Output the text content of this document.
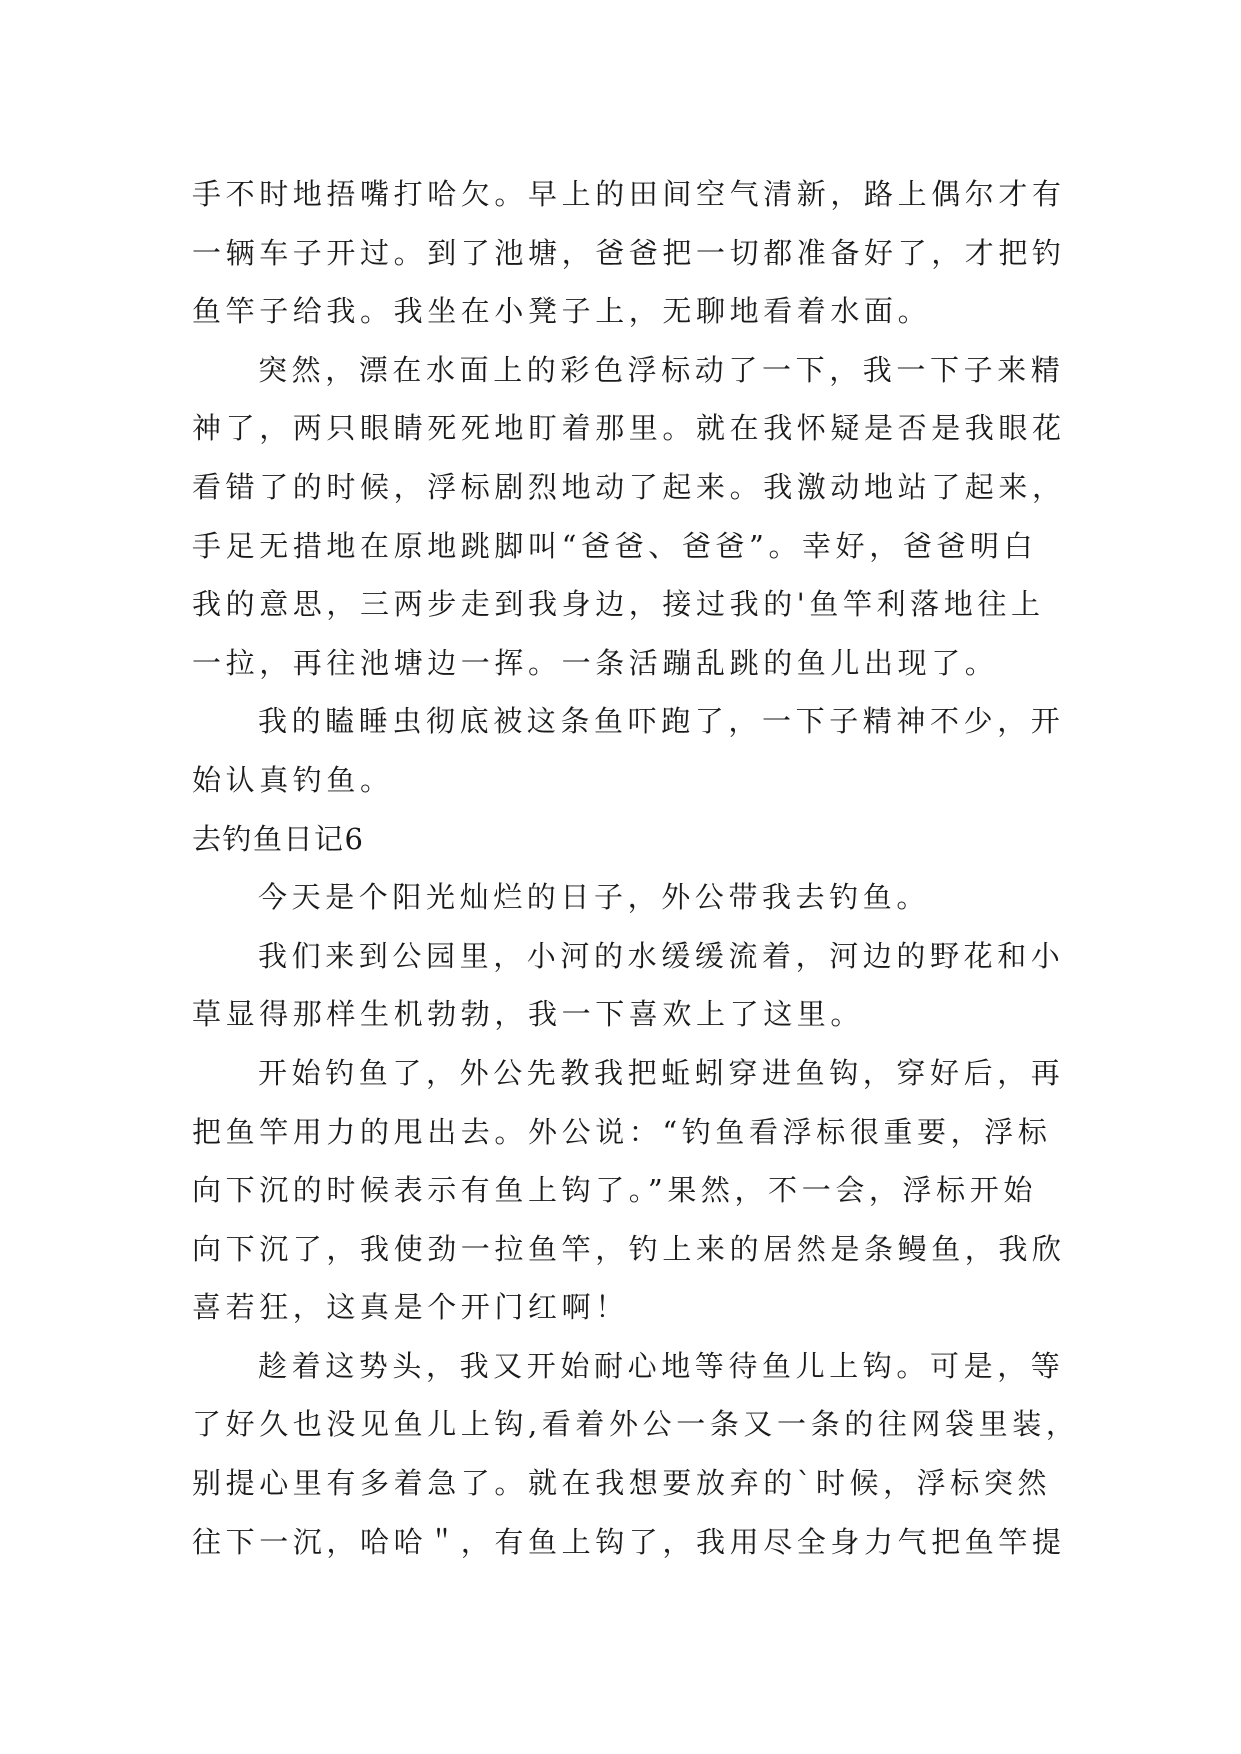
手不时地捂嘴打哈欠。早上的田间空气清新，路上偶尔才有
一辆车子开过。到了池塘，爸爸把一切都准备好了，才把钓
鱼竿子给我。我坐在小凳子上，无聊地看着水面。
突然，漂在水面上的彩色浮标动了一下，我一下子来精
神了，两只眼睛死死地盯着那里。就在我怀疑是否是我眼花
看错了的时候，浮标剧烈地动了起来。我激动地站了起来，
手足无措地在原地跳脚叫“爸爸、爸爸”。幸好，爸爸明白
我的意思，三两步走到我身边，接过我的'鱼竿利落地往上
一拉，再往池塘边一挥。一条活蹦乱跳的鱼儿出现了。
我的瞌睡虫彻底被这条鱼吓跑了，一下子精神不少，开
始认真钓鱼。
去钓鱼日记6
今天是个阳光灿烂的日子，外公带我去钓鱼。
我们来到公园里，小河的水缓缓流着，河边的野花和小
草显得那样生机勃勃，我一下喜欢上了这里。
开始钓鱼了，外公先教我把蚯蚓穿进鱼钩，穿好后，再
把鱼竿用力的甩出去。外公说：“钓鱼看浮标很重要，浮标
向下沉的时候表示有鱼上钩了。”果然，不一会，浮标开始
向下沉了，我使劲一拉鱼竿，钓上来的居然是条鳗鱼，我欣
喜若狂，这真是个开门红啊！
趁着这势头，我又开始耐心地等待鱼儿上钩。可是，等
了好久也没见鱼儿上钩,看着外公一条又一条的往网袋里装，
别提心里有多着急了。就在我想要放弃的`时候，浮标突然
往下一沉，哈哈＂，有鱼上钩了，我用尽全身力气把鱼竿提
